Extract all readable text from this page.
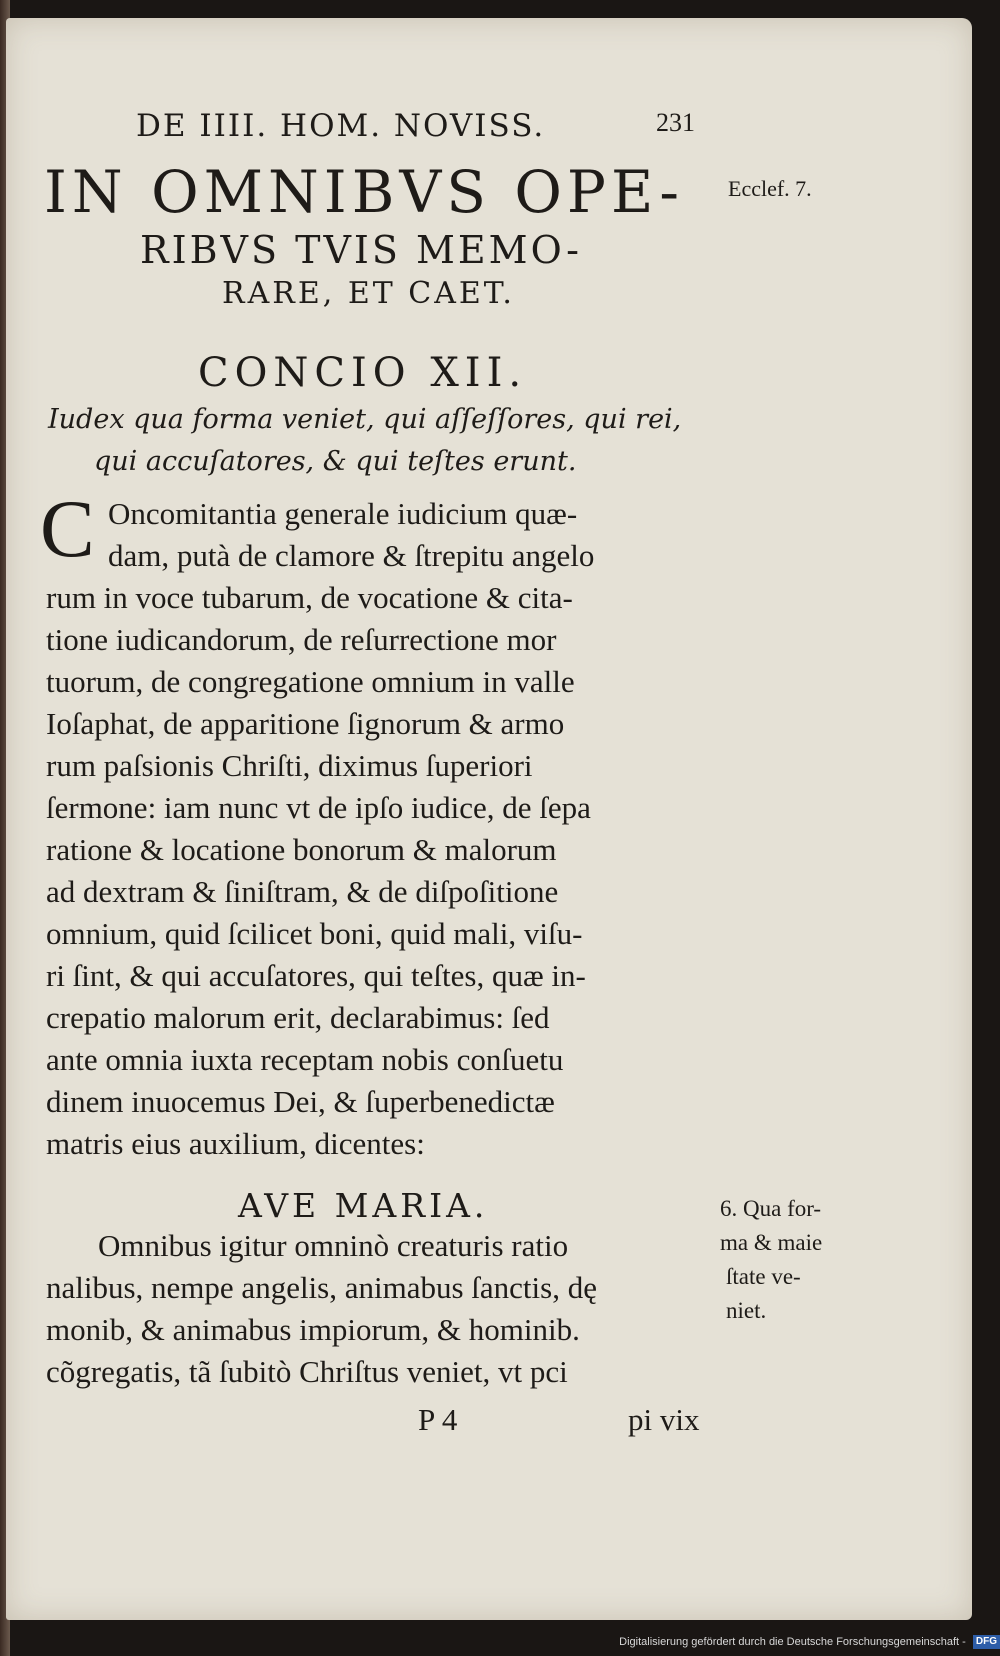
DE IIII. HOM. NOVISS.	231
IN OMNIBVS OPE- Ecclef. 7.
RIBVS TVIS MEMO-
RARE, ET CAET.
CONCIO XII.
Iudex qua forma veniet, qui aſſeſſores, qui rei,
qui accuſatores, & qui teſtes erunt.
C Oncomitantia generale iudicium quæ-
dam, putà de clamore & ſtrepitu angelo
rum in voce tubarum, de vocatione & cita-
tione iudicandorum, de reſurrectione mor
tuorum, de congregatione omnium in valle
Ioſaphat, de apparitione ſignorum & armo
rum paſsionis Chriſti, diximus ſuperiori
ſermone: iam nunc vt de ipſo iudice, de ſepa
ratione & locatione bonorum & malorum
ad dextram & ſiniſtram, & de diſpoſitione
omnium, quid ſcilicet boni, quid mali, viſu-
ri ſint, & qui accuſatores, qui teſtes, quæ in-
crepatio malorum erit, declarabimus: ſed
ante omnia iuxta receptam nobis conſuetu
dinem inuocemus Dei, & ſuperbenedictæ
matris eius auxilium, dicentes:
AVE MARIA.
Omnibus igitur omninò creaturis ratio
nalibus, nempe angelis, animabus ſanctis, dę
monib, & animabus impiorum, & hominib.
cõgregatis, tã ſubitò Chriſtus veniet, vt pci
6. Qua for-
ma & maie
ſtate ve-
niet.
P 4	pi vix
Digitalisierung gefördert durch die Deutsche Forschungsgemeinschaft - DFG
